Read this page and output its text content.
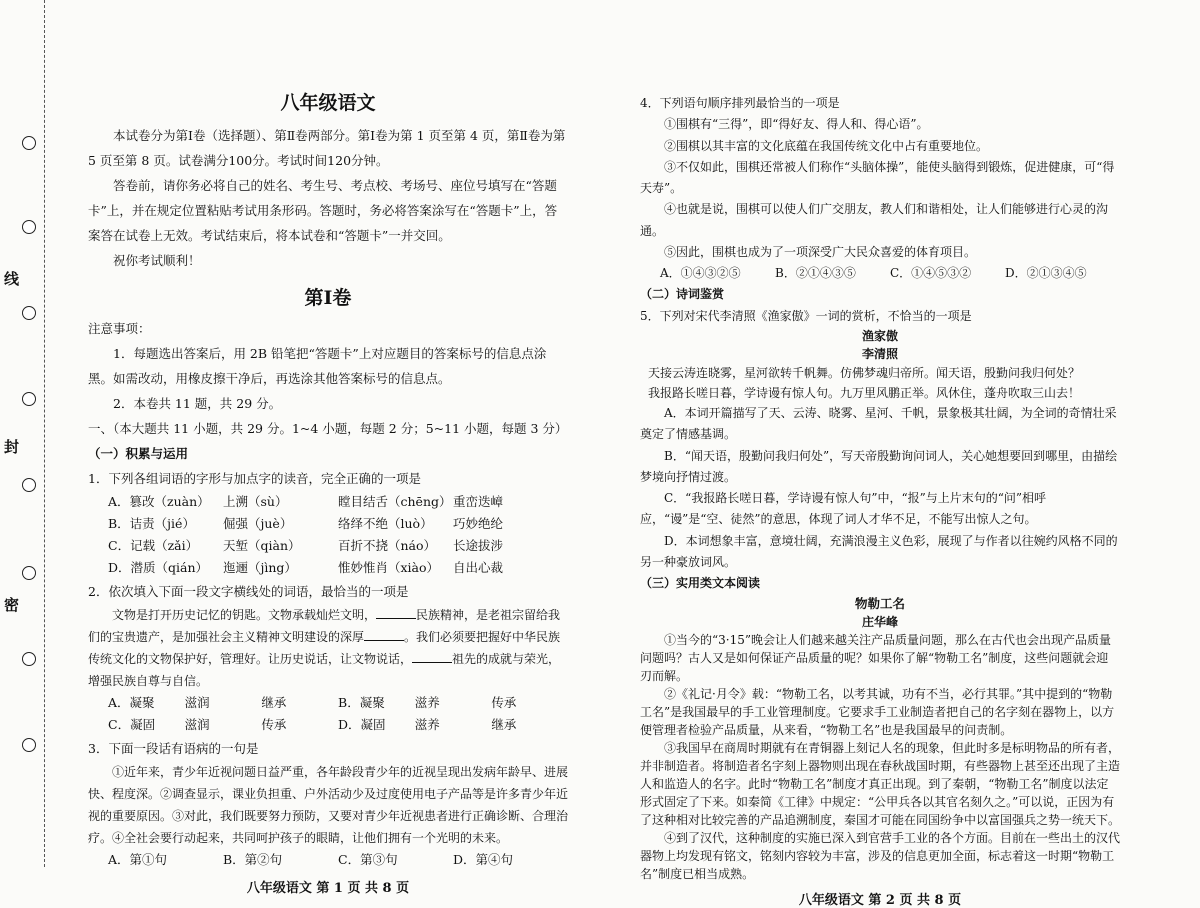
线
封
密
八年级语文

本试卷分为第Ⅰ卷（选择题）、第Ⅱ卷两部分。第Ⅰ卷为第 1 页至第 4 页，第Ⅱ卷为第 5 页至第 8 页。试卷满分100分。考试时间120分钟。

答卷前，请你务必将自己的姓名、考生号、考点校、考场号、座位号填写在“答题卡”上，并在规定位置粘贴考试用条形码。答题时，务必将答案涂写在“答题卡”上，答案答在试卷上无效。考试结束后，将本试卷和“答题卡”一并交回。

祝你考试顺利！

第Ⅰ卷

注意事项：

1．每题选出答案后，用 2B 铅笔把“答题卡”上对应题目的答案标号的信息点涂黑。如需改动，用橡皮擦干净后，再选涂其他答案标号的信息点。

2．本卷共 11 题，共 29 分。

一、（本大题共 11 小题，共 29 分。1~4 小题，每题 2 分；5~11 小题，每题 3 分）

（一）积累与运用

1．下列各组词语的字形与加点字的读音，完全正确的一项是

A．篡改（zuàn）	上溯（sù）	瞠目结舌（chēng） 重峦迭嶂
B．诘责（jié）	倔强（juè）	络绎不绝（luò）	巧妙绝纶
C．记载（zǎi）	天堑（qiàn）	百折不挠（náo）	长途拔涉
D．潜质（qián）	迤逦（jìng）	惟妙惟肖（xiào）	自出心裁

2．依次填入下面一段文字横线处的词语，最恰当的一项是

文物是打开历史记忆的钥匙。文物承载灿烂文明，	民族精神，是老祖宗留给我们的宝贵遗产，是加强社会主义精神文明建设的深厚	。我们必须要把握好中华民族传统文化的文物保护好，管理好。让历史说话，让文物说话，	祖先的成就与荣光，增强民族自尊与自信。

A．凝聚	滋润	继承	B．凝聚	滋养	传承
C．凝固	滋润	传承	D．凝固	滋养	继承

3．下面一段话有语病的一句是

①近年来，青少年近视问题日益严重，各年龄段青少年的近视呈现出发病年龄早、进展快、程度深。②调查显示，课业负担重、户外活动少及过度使用电子产品等是许多青少年近视的重要原因。③对此，我们既要努力预防，又要对青少年近视患者进行正确诊断、合理治疗。④全社会要行动起来，共同呵护孩子的眼睛，让他们拥有一个光明的未来。

A．第①句	B．第②句	C．第③句	D．第④句
八年级语文 第 1 页 共 8 页

4．下列语句顺序排列最恰当的一项是

①围棋有“三得”，即“得好友、得人和、得心语”。

②围棋以其丰富的文化底蕴在我国传统文化中占有重要地位。

③不仅如此，围棋还常被人们称作“头脑体操”，能使头脑得到锻炼，促进健康，可“得天寿”。

④也就是说，围棋可以使人们广交朋友，教人们和谐相处，让人们能够进行心灵的沟通。

⑤因此，围棋也成为了一项深受广大民众喜爱的体育项目。

A．①④③②⑤	B．②①④③⑤	C．①④⑤③②	D．②①③④⑤

（二）诗词鉴赏

5．下列对宋代李清照《渔家傲》一词的赏析，不恰当的一项是

渔家傲
李清照
天接云涛连晓雾，星河欲转千帆舞。仿佛梦魂归帝所。闻天语，殷勤问我归何处？
我报路长嗟日暮，学诗谩有惊人句。九万里风鹏正举。风休住，蓬舟吹取三山去！

A．本词开篇描写了天、云涛、晓雾、星河、千帆，景象极其壮阔，为全词的奇情壮采奠定了情感基调。

B．“闻天语，殷勤问我归何处”，写天帝殷勤询问词人，关心她想要回到哪里，由描绘梦境向抒情过渡。

C．“我报路长嗟日暮，学诗谩有惊人句”中，“报”与上片末句的“问”相呼应，“谩”是“空、徒然”的意思，体现了词人才华不足，不能写出惊人之句。

D．本词想象丰富，意境壮阔，充满浪漫主义色彩，展现了与作者以往婉约风格不同的另一种豪放词风。

（三）实用类文本阅读

物勒工名
庄华峰

①当今的“3·15”晚会让人们越来越关注产品质量问题，那么在古代也会出现产品质量问题吗？古人又是如何保证产品质量的呢？如果你了解“物勒工名”制度，这些问题就会迎刃而解。

②《礼记·月令》载：“物勒工名，以考其诚，功有不当，必行其罪。”其中提到的“物勒工名”是我国最早的手工业管理制度。它要求手工业制造者把自己的名字刻在器物上，以方便管理者检验产品质量，从来看，“物勒工名”也是我国最早的问责制。

③我国早在商周时期就有在青铜器上刻记人名的现象，但此时多是标明物品的所有者，并非制造者。将制造者名字刻上器物则出现在春秋战国时期，有些器物上甚至还出现了主造人和监造人的名字。此时“物勒工名”制度才真正出现。到了秦朝，“物勒工名”制度以法定形式固定了下来。如秦简《工律》中规定：“公甲兵各以其官名刻久之。”可以说，正因为有了这种相对比较完善的产品追溯制度，秦国才可能在同国纷争中以富国强兵之势一统天下。

④到了汉代，这种制度的实施已深入到官营手工业的各个方面。目前在一些出土的汉代器物上均发现有铭文，铭刻内容较为丰富，涉及的信息更加全面，标志着这一时期“物勒工名”制度已相当成熟。

八年级语文 第 2 页 共 8 页
